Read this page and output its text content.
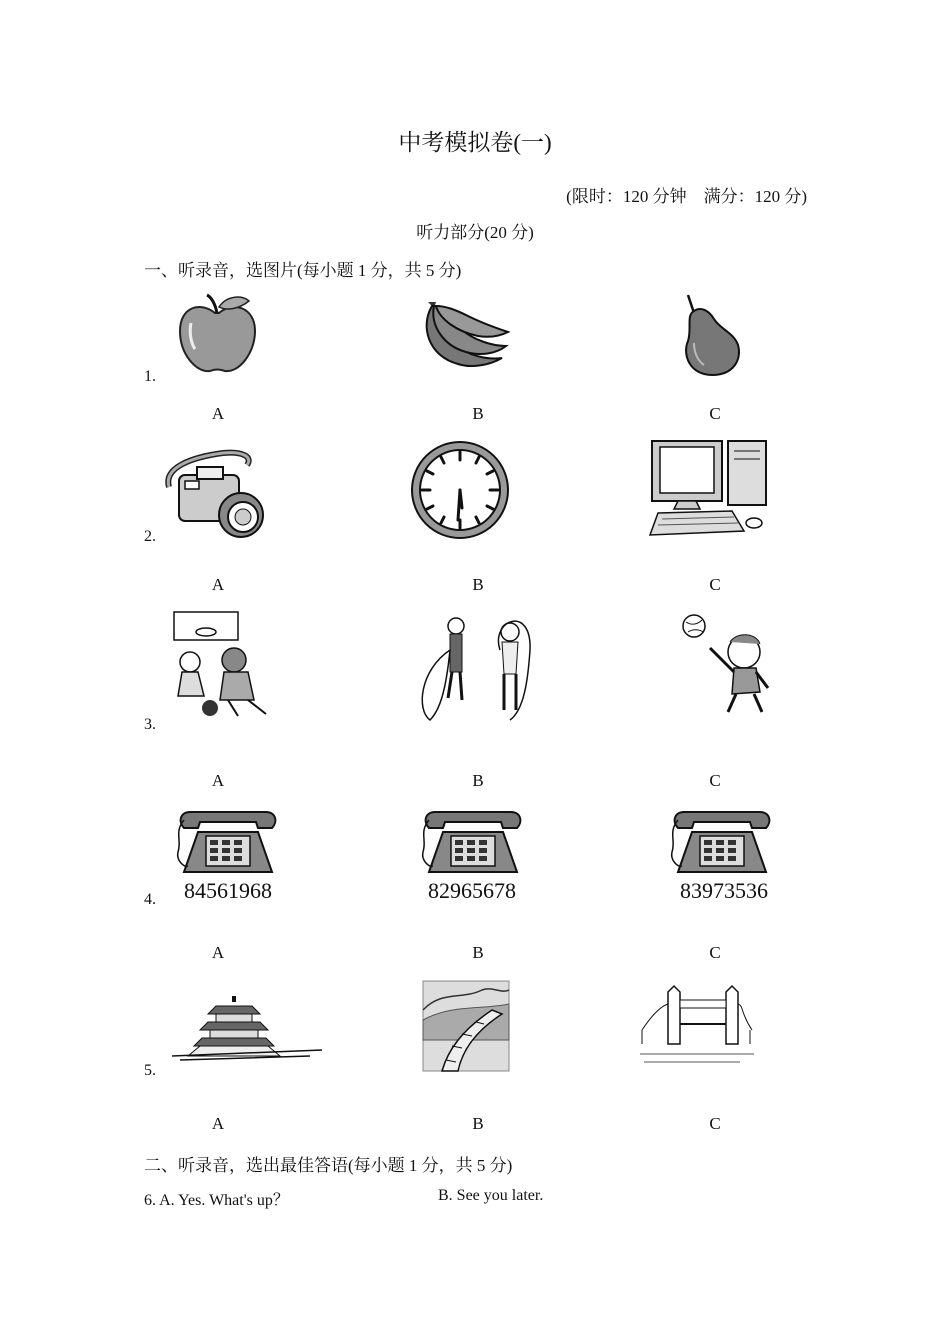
中考模拟卷(一)
(限时：120 分钟　满分：120 分)
听力部分(20 分)
一、听录音，选图片(每小题 1 分，共 5 分)
1.
A	B	C
2.
A	B	C
3.
A	B	C
4.	84561968	82965678	83973536
A	B	C
5.
A	B	C
二、听录音，选出最佳答语(每小题 1 分，共 5 分)
6. A. Yes. What's up？	B. See you later.
